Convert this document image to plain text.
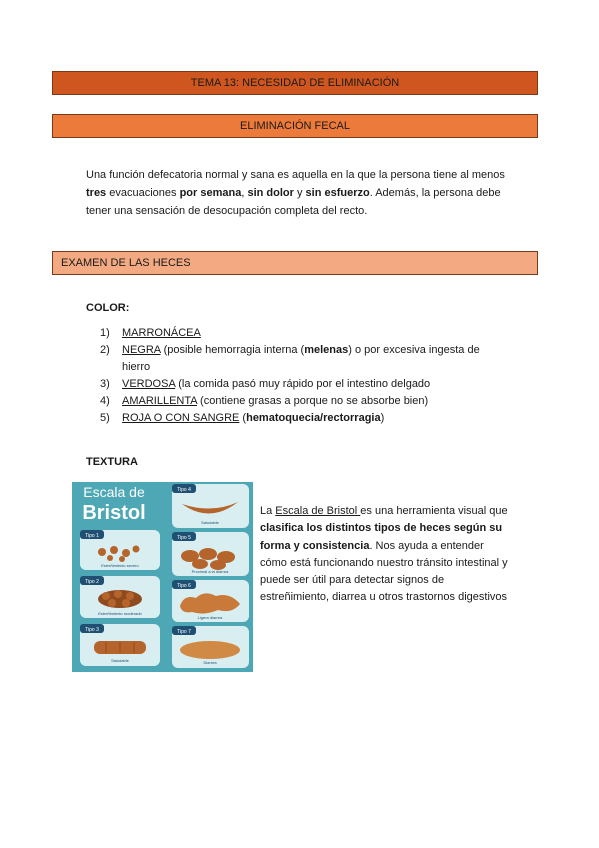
TEMA 13: NECESIDAD DE ELIMINACIÓN
ELIMINACIÓN FECAL
Una función defecatoria normal y sana es aquella en la que la persona tiene al menos tres evacuaciones por semana, sin dolor y sin esfuerzo. Además, la persona debe tener una sensación de desocupación completa del recto.
EXAMEN DE LAS HECES
COLOR:
1) MARRONÁCEA
2) NEGRA (posible hemorragia interna (melenas) o por excesiva ingesta de hierro
3) VERDOSA (la comida pasó muy rápido por el intestino delgado
4) AMARILLENTA (contiene grasas a porque no se absorbe bien)
5) ROJA O CON SANGRE (hematoquecia/rectorragia)
TEXTURA
Escala de
Bristol
Tipo 1
Estreñimiento severo
Tipo 2
Estreñimiento moderado
Tipo 3
Saludable
Tipo 4
Saludable
Tipo 5
Proximal a la diarrea
Tipo 6
Ligera diarrea
Tipo 7
Diarrea
La Escala de Bristol es una herramienta visual que clasifica los distintos tipos de heces según su forma y consistencia. Nos ayuda a entender cómo está funcionando nuestro tránsito intestinal y puede ser útil para detectar signos de estreñimiento, diarrea u otros trastornos digestivos
